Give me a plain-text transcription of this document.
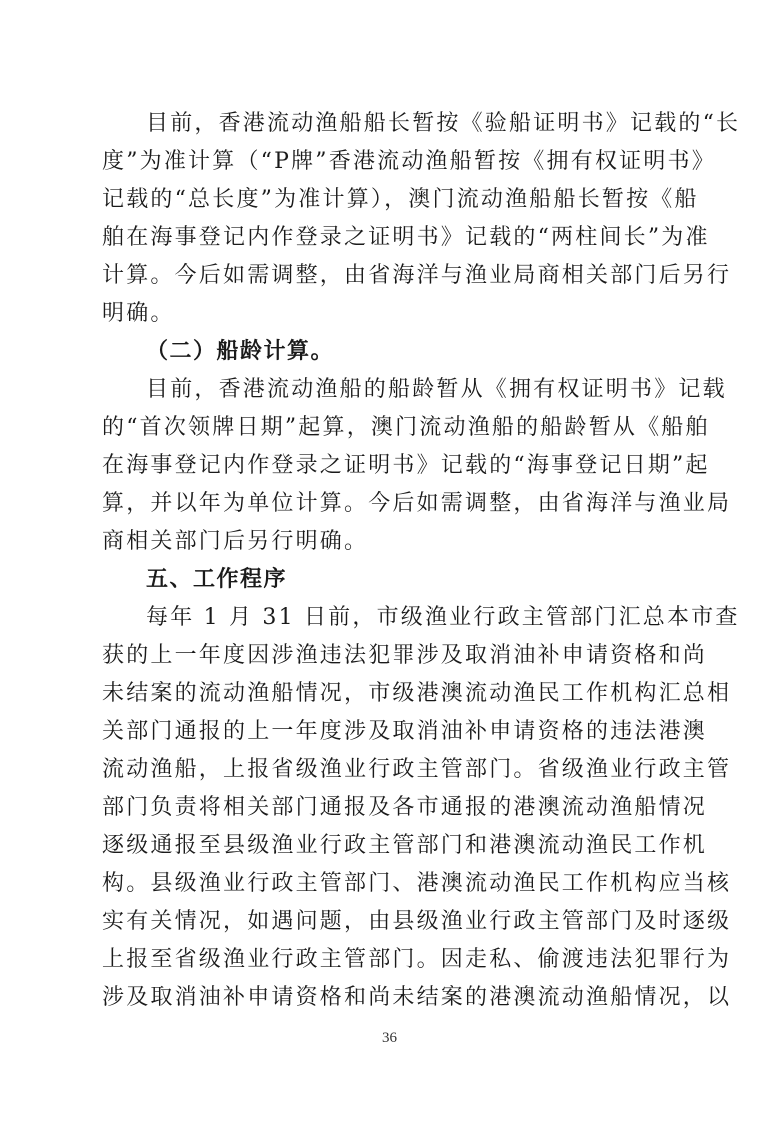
目前，香港流动渔船船长暂按《验船证明书》记载的“长
度”为准计算（“P牌”香港流动渔船暂按《拥有权证明书》
记载的“总长度”为准计算），澳门流动渔船船长暂按《船
舶在海事登记内作登录之证明书》记载的“两柱间长”为准
计算。今后如需调整，由省海洋与渔业局商相关部门后另行
明确。
（二）船龄计算。
目前，香港流动渔船的船龄暂从《拥有权证明书》记载
的“首次领牌日期”起算，澳门流动渔船的船龄暂从《船舶
在海事登记内作登录之证明书》记载的“海事登记日期”起
算，并以年为单位计算。今后如需调整，由省海洋与渔业局
商相关部门后另行明确。
五、工作程序
每年 1 月 31 日前，市级渔业行政主管部门汇总本市查
获的上一年度因涉渔违法犯罪涉及取消油补申请资格和尚
未结案的流动渔船情况，市级港澳流动渔民工作机构汇总相
关部门通报的上一年度涉及取消油补申请资格的违法港澳
流动渔船，上报省级渔业行政主管部门。省级渔业行政主管
部门负责将相关部门通报及各市通报的港澳流动渔船情况
逐级通报至县级渔业行政主管部门和港澳流动渔民工作机
构。县级渔业行政主管部门、港澳流动渔民工作机构应当核
实有关情况，如遇问题，由县级渔业行政主管部门及时逐级
上报至省级渔业行政主管部门。因走私、偷渡违法犯罪行为
涉及取消油补申请资格和尚未结案的港澳流动渔船情况，以
36
